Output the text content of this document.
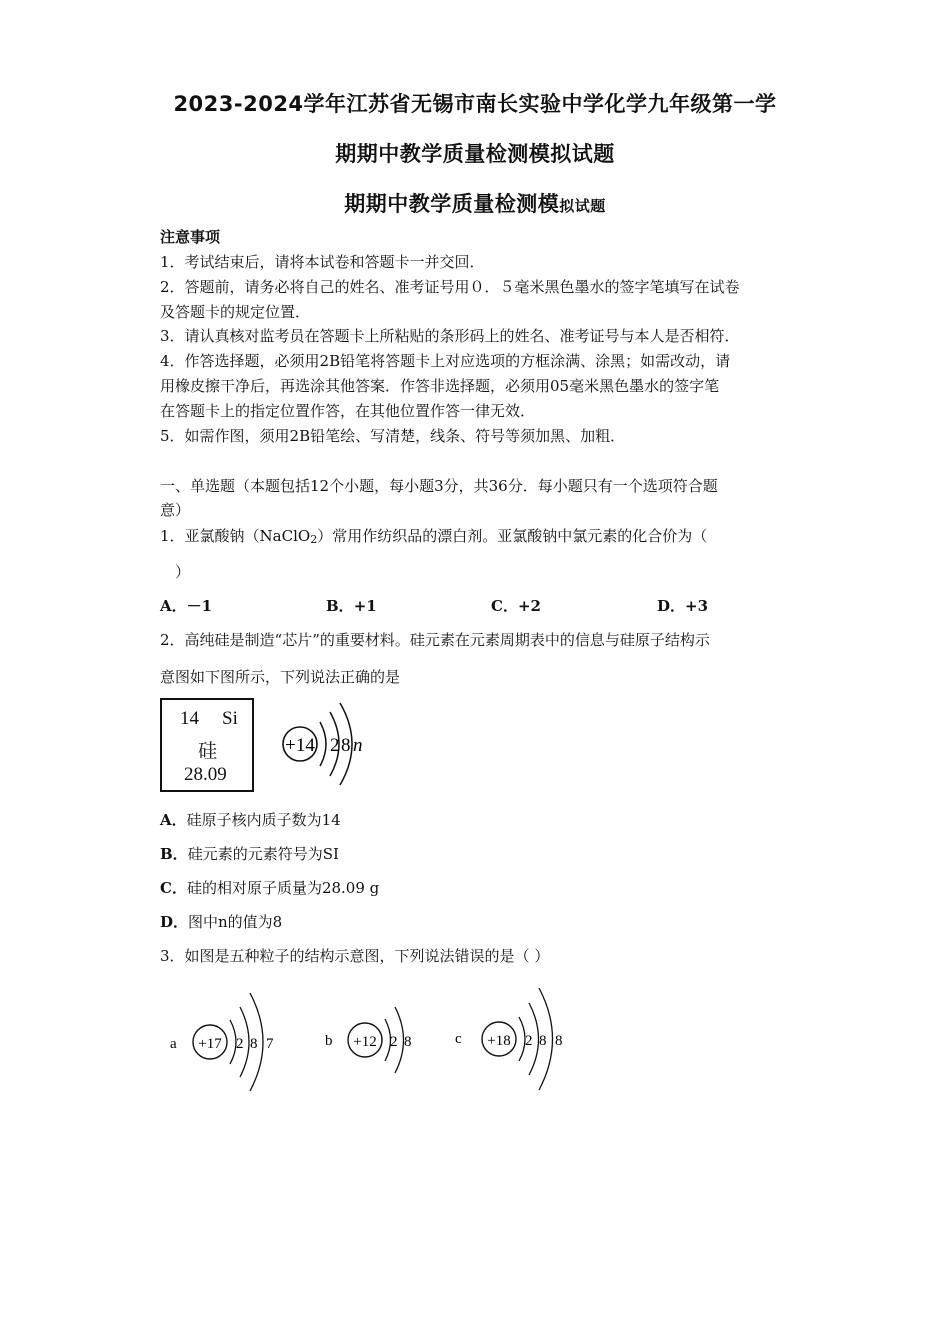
2023-2024学年江苏省无锡市南长实验中学化学九年级第一学
期期中教学质量检测模拟试题
期期中教学质量检测模拟试题
注意事项
1．考试结束后，请将本试卷和答题卡一并交回．
2．答题前，请务必将自己的姓名、准考证号用０．５毫米黑色墨水的签字笔填写在试卷
及答题卡的规定位置．
3．请认真核对监考员在答题卡上所粘贴的条形码上的姓名、准考证号与本人是否相符．
4．作答选择题，必须用2B铅笔将答题卡上对应选项的方框涂满、涂黑；如需改动，请
用橡皮擦干净后，再选涂其他答案．作答非选择题，必须用05毫米黑色墨水的签字笔
在答题卡上的指定位置作答，在其他位置作答一律无效．
5．如需作图，须用2B铅笔绘、写清楚，线条、符号等须加黑、加粗．
一、单选题（本题包括12个小题，每小题3分，共36分．每小题只有一个选项符合题
意）
1．亚氯酸钠（NaClO2）常用作纺织品的漂白剂。亚氯酸钠中氯元素的化合价为（
）
A．－1	B．+1	C．+2	D．+3
2．高纯硅是制造“芯片”的重要材料。硅元素在元素周期表中的信息与硅原子结构示
意图如下图所示，下列说法正确的是
14 Si
硅
28.09
+14 2 8 n
A．硅原子核内质子数为14
B．硅元素的元素符号为SI
C．硅的相对原子质量为28.09 g
D．图中n的值为8
3．如图是五种粒子的结构示意图，下列说法错误的是（ ）
a +17 2 8 7	b +12 2 8	c +18 2 8 8
